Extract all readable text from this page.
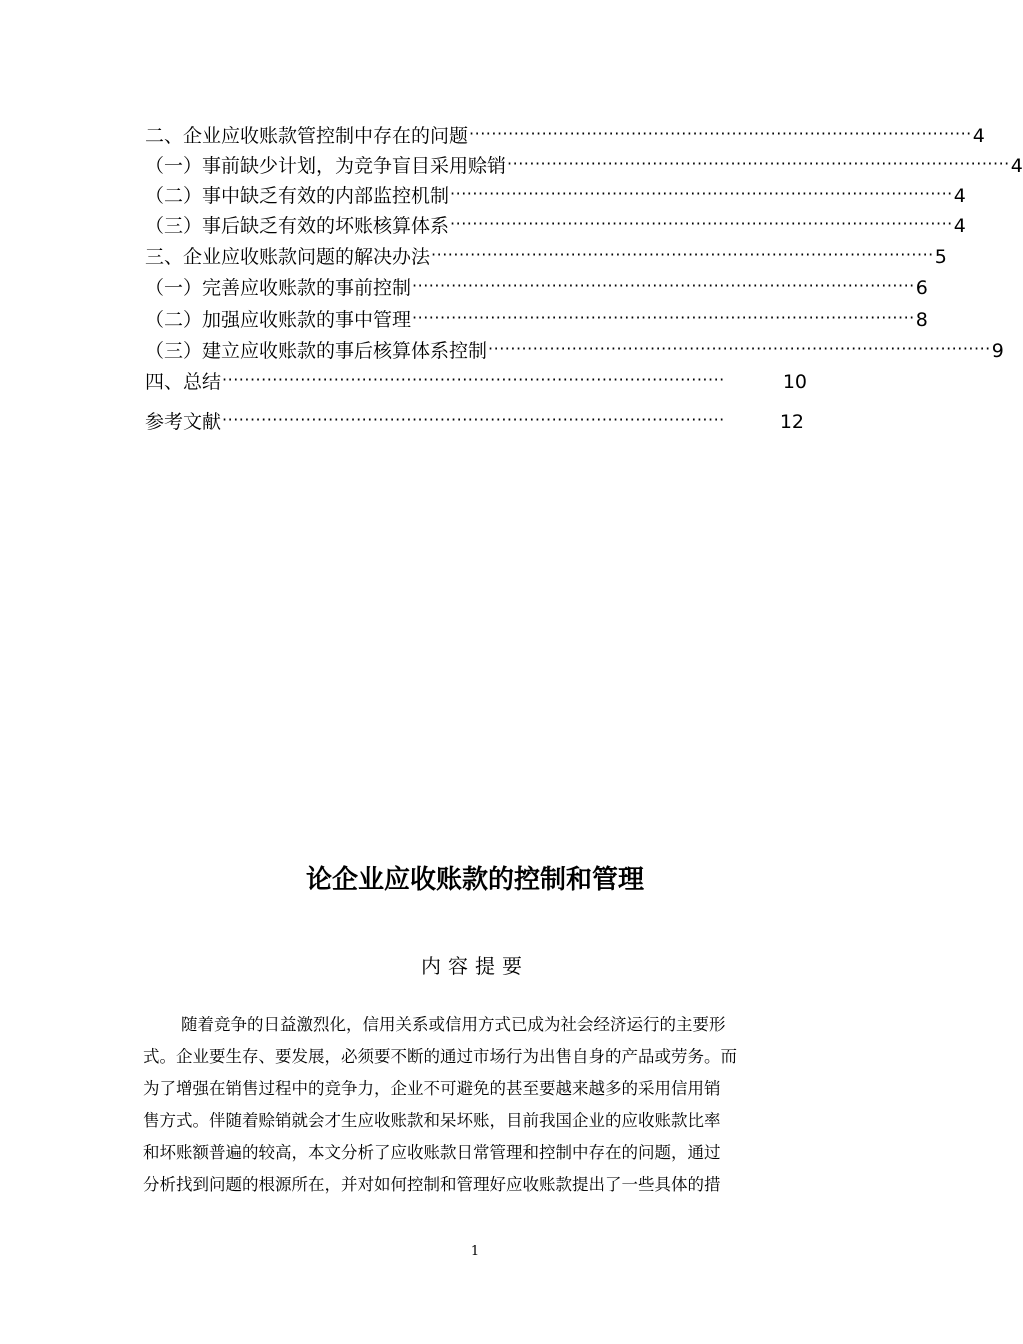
二、企业应收账款管控制中存在的问题 ·························································································· 4
（一）事前缺少计划，为竞争盲目采用赊销 ·························································································· 4
（二）事中缺乏有效的内部监控机制 ·························································································· 4
（三）事后缺乏有效的坏账核算体系 ·························································································· 4
三、企业应收账款问题的解决办法 ·························································································· 5
（一）完善应收账款的事前控制 ·························································································· 6
（二）加强应收账款的事中管理 ·························································································· 8
（三）建立应收账款的事后核算体系控制 ·························································································· 9
四、总结 ··························································································	10
参考文献 ··························································································	12
论企业应收账款的控制和管理
内容提要
随着竞争的日益激烈化，信用关系或信用方式已成为社会经济运行的主要形
式。企业要生存、要发展，必须要不断的通过市场行为出售自身的产品或劳务。而
为了增强在销售过程中的竞争力，企业不可避免的甚至要越来越多的采用信用销
售方式。伴随着赊销就会才生应收账款和呆坏账，目前我国企业的应收账款比率
和坏账额普遍的较高，本文分析了应收账款日常管理和控制中存在的问题，通过
分析找到问题的根源所在，并对如何控制和管理好应收账款提出了一些具体的措
1
